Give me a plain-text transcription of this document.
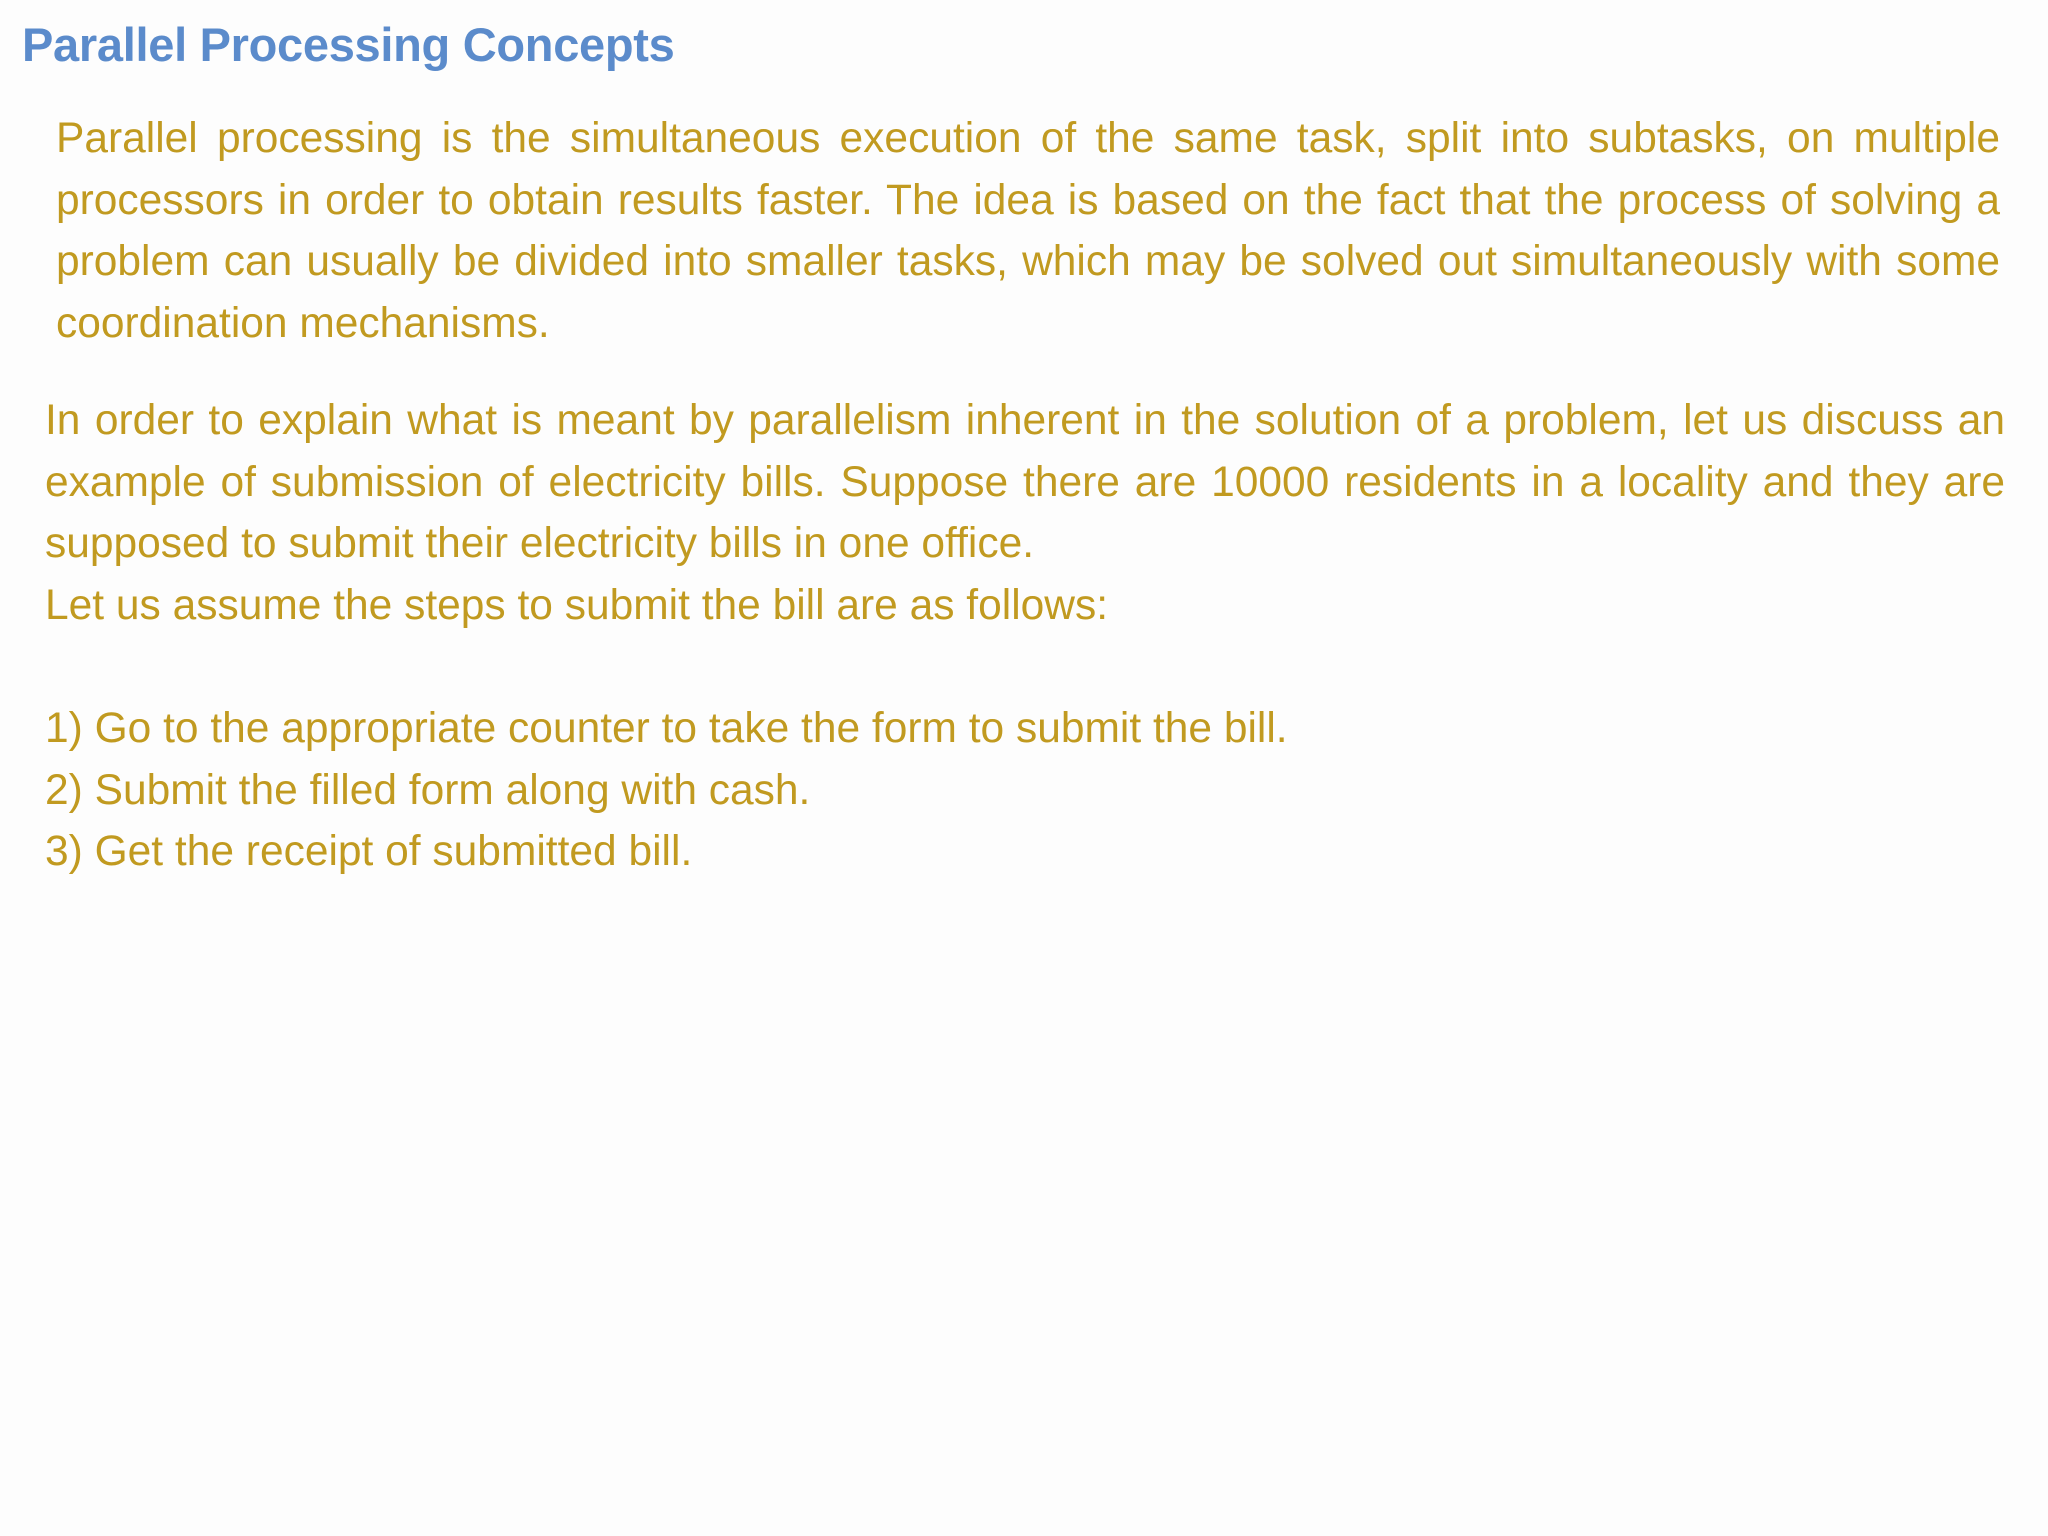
Parallel Processing Concepts

Parallel processing is the simultaneous execution of the same task, split into subtasks, on multiple processors in order to obtain results faster. The idea is based on the fact that the process of solving a problem can usually be divided into smaller tasks, which may be solved out simultaneously with some coordination mechanisms.

In order to explain what is meant by parallelism inherent in the solution of a problem, let us discuss an example of submission of electricity bills. Suppose there are 10000 residents in a locality and they are supposed to submit their electricity bills in one office.

Let us assume the steps to submit the bill are as follows:

1) Go to the appropriate counter to take the form to submit the bill.
2) Submit the filled form along with cash.
3) Get the receipt of submitted bill.
